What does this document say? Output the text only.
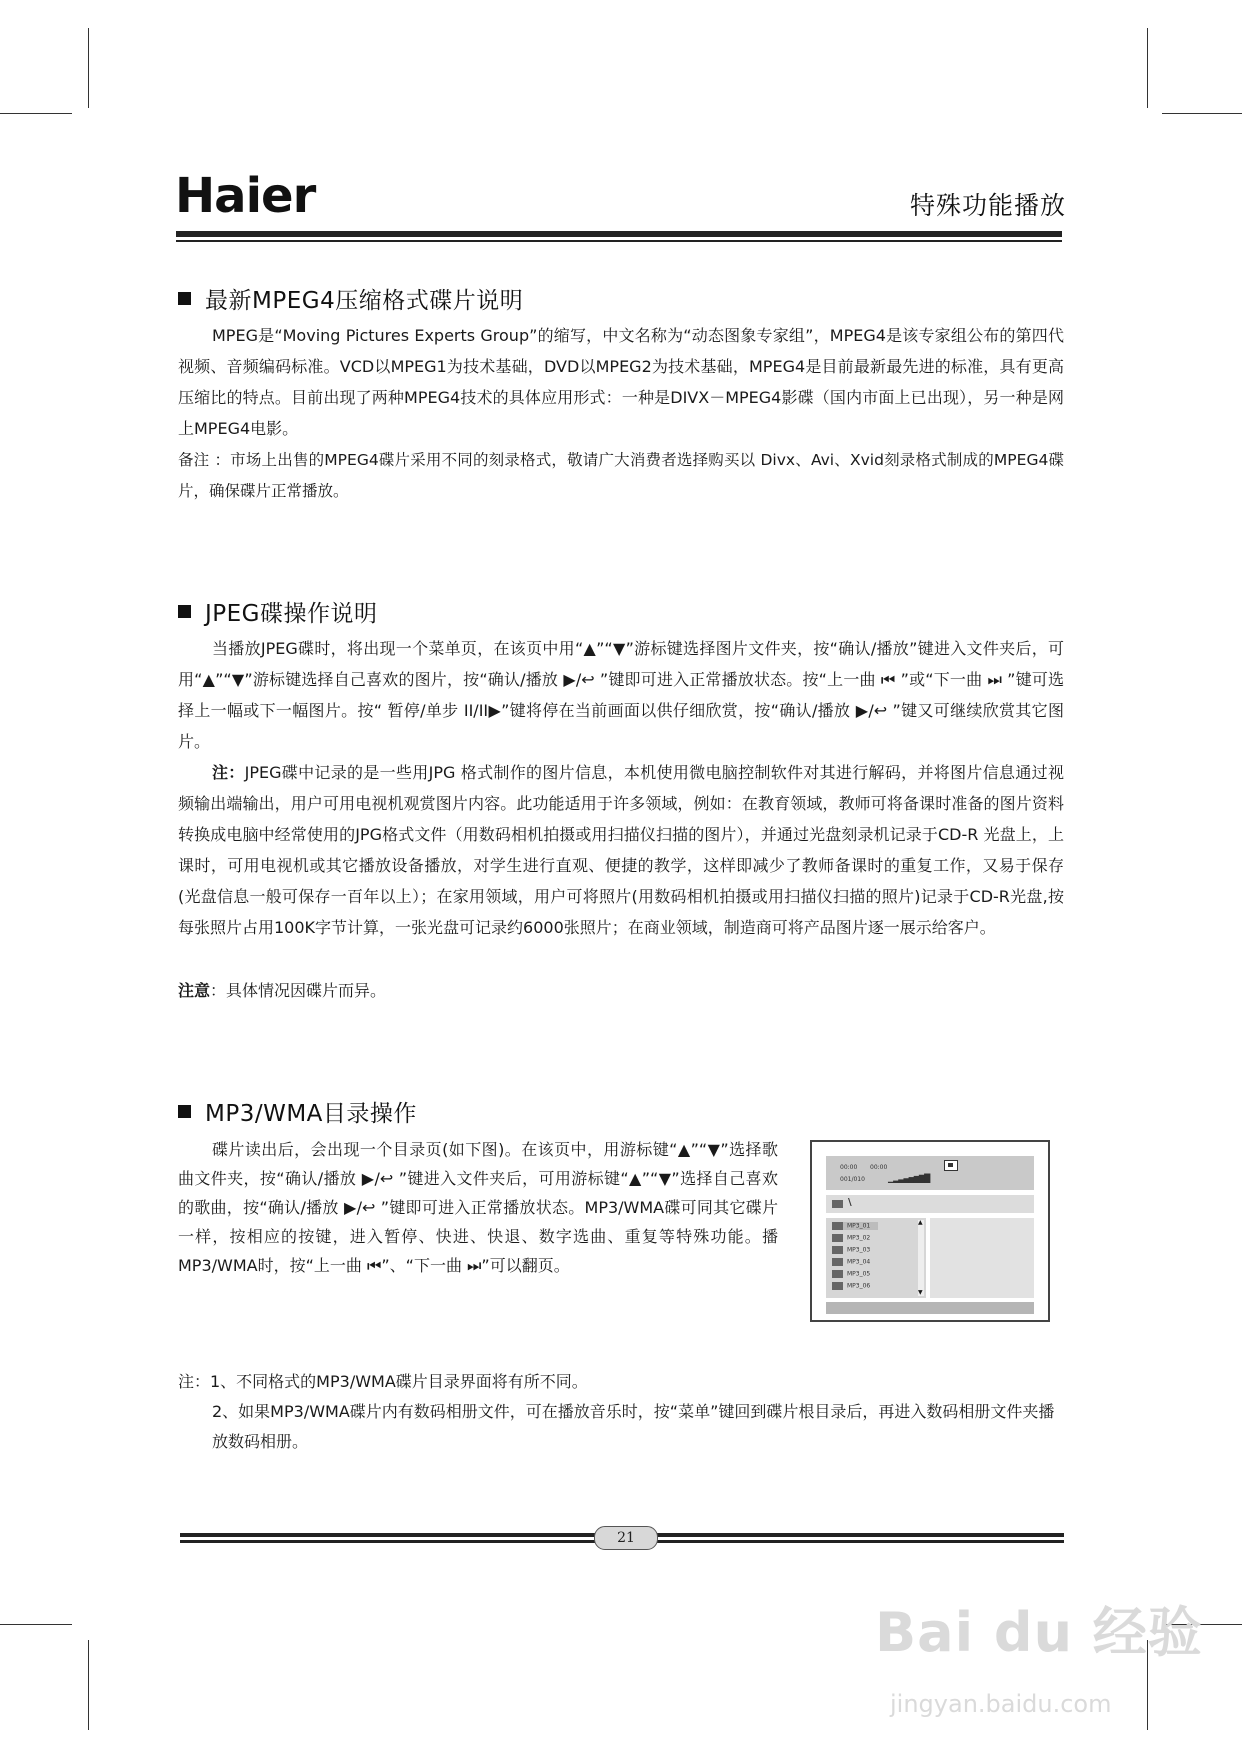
Haier	特殊功能播放
最新MPEG4压缩格式碟片说明

MPEG是“Moving Pictures Experts Group”的缩写，中文名称为“动态图象专家组”，MPEG4是该专家组公布的第四代视频、音频编码标准。VCD以MPEG1为技术基础，DVD以MPEG2为技术基础，MPEG4是目前最新最先进的标准，具有更高压缩比的特点。目前出现了两种MPEG4技术的具体应用形式：一种是DIVX－MPEG4影碟（国内市面上已出现），另一种是网上MPEG4电影。

备注 ：市场上出售的MPEG4碟片采用不同的刻录格式，敬请广大消费者选择购买以 Divx、Avi、Xvid刻录格式制成的MPEG4碟片，确保碟片正常播放。

JPEG碟操作说明

当播放JPEG碟时，将出现一个菜单页，在该页中用“▲”“▼”游标键选择图片文件夹，按“确认/播放”键进入文件夹后，可用“▲”“▼”游标键选择自己喜欢的图片，按“确认/播放 ▶/↩ ”键即可进入正常播放状态。按“上一曲 ⏮ ”或“下一曲 ⏭ ”键可选择上一幅或下一幅图片。按“ 暂停/单步 II/II▶”键将停在当前画面以供仔细欣赏，按“确认/播放 ▶/↩ ”键又可继续欣赏其它图片。

注：JPEG碟中记录的是一些用JPG 格式制作的图片信息，本机使用微电脑控制软件对其进行解码，并将图片信息通过视频输出端输出，用户可用电视机观赏图片内容。此功能适用于许多领域，例如：在教育领域，教师可将备课时准备的图片资料转换成电脑中经常使用的JPG格式文件（用数码相机拍摄或用扫描仪扫描的图片），并通过光盘刻录机记录于CD-R 光盘上，上课时，可用电视机或其它播放设备播放，对学生进行直观、便捷的教学，这样即减少了教师备课时的重复工作，又易于保存(光盘信息一般可保存一百年以上）；在家用领域，用户可将照片(用数码相机拍摄或用扫描仪扫描的照片)记录于CD-R光盘,按每张照片占用100K字节计算，一张光盘可记录约6000张照片；在商业领域，制造商可将产品图片逐一展示给客户。

注意：具体情况因碟片而异。

MP3/WMA目录操作

碟片读出后，会出现一个目录页(如下图)。在该页中，用游标键“▲”“▼”选择歌曲文件夹，按“确认/播放 ▶/↩ ”键进入文件夹后，可用游标键“▲”“▼”选择自己喜欢的歌曲，按“确认/播放 ▶/↩ ”键即可进入正常播放状态。MP3/WMA碟可同其它碟片一样，按相应的按键，进入暂停、快进、快退、数字选曲、重复等特殊功能。播MP3/WMA时，按“上一曲 ⏮”、“下一曲 ⏭”可以翻页。

00:00 00:00
001/010	▁▂▃▄▅▆▇█
\
MP3_01
MP3_02
MP3_03
MP3_04
MP3_05
MP3_06
▲
▼

注：1、不同格式的MP3/WMA碟片目录界面将有所不同。

2、如果MP3/WMA碟片内有数码相册文件，可在播放音乐时，按“菜单”键回到碟片根目录后，再进入数码相册文件夹播放数码相册。

21
Bai du 经验
jingyan.baidu.com
